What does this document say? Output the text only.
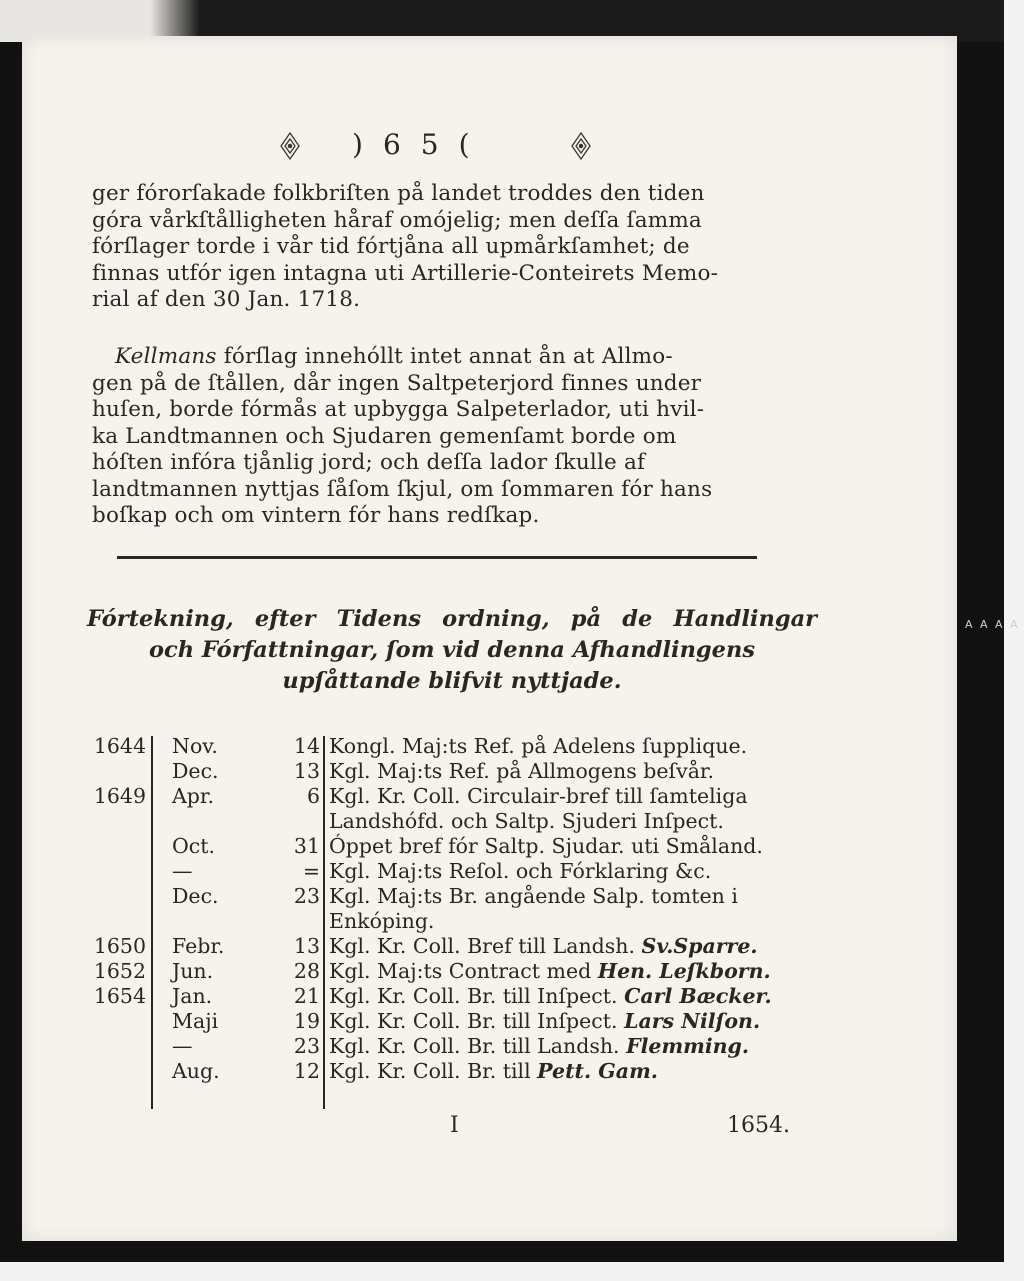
A A A A
)65(
ger fórorſakade folkbriſten på landet troddes den tiden
góra vårkſtålligheten håraf omójelig; men deſſa ſamma
fórſlager torde i vår tid fórtjåna all upmårkſamhet; de
finnas utfór igen intagna uti Artillerie-Conteirets Memo-
rial af den 30 Jan. 1718.
Kellmans fórſlag innehóllt intet annat ån at Allmo-
gen på de ſtållen, dår ingen Saltpeterjord finnes under
huſen, borde fórmås at upbygga Salpeterlador, uti hvil-
ka Landtmannen och Sjudaren gemenſamt borde om
hóſten infóra tjånlig jord; och deſſa lador ſkulle af
landtmannen nyttjas ſåſom ſkjul, om ſommaren fór hans
boſkap och om vintern fór hans redſkap.
Fórtekning, efter Tidens ordning, på de Handlingar
och Fórfattningar, ſom vid denna Afhandlingens
upſåttande blifvit nyttjade.
1644 Nov.	14 Kongl. Maj:ts Ref. på Adelens ſupplique.
Dec.	13 Kgl. Maj:ts Ref. på Allmogens beſvår.
1649 Apr.	6 Kgl. Kr. Coll. Circulair-bref till ſamteliga
Landshófd. och Saltp. Sjuderi Inſpect.
Oct.	31 Óppet bref fór Saltp. Sjudar. uti Småland.
—	= Kgl. Maj:ts Reſol. och Fórklaring &c.
Dec.	23 Kgl. Maj:ts Br. angående Salp. tomten i
Enkóping.
1650 Febr.	13 Kgl. Kr. Coll. Bref till Landsh. Sv.Sparre.
1652 Jun.	28 Kgl. Maj:ts Contract med Hen. Leſkborn.
1654 Jan.	21 Kgl. Kr. Coll. Br. till Inſpect. Carl Bæcker.
Maji	19 Kgl. Kr. Coll. Br. till Inſpect. Lars Nilſon.
—	23 Kgl. Kr. Coll. Br. till Landsh. Flemming.
Aug.	12 Kgl. Kr. Coll. Br. till Pett. Gam.
I	1654.
